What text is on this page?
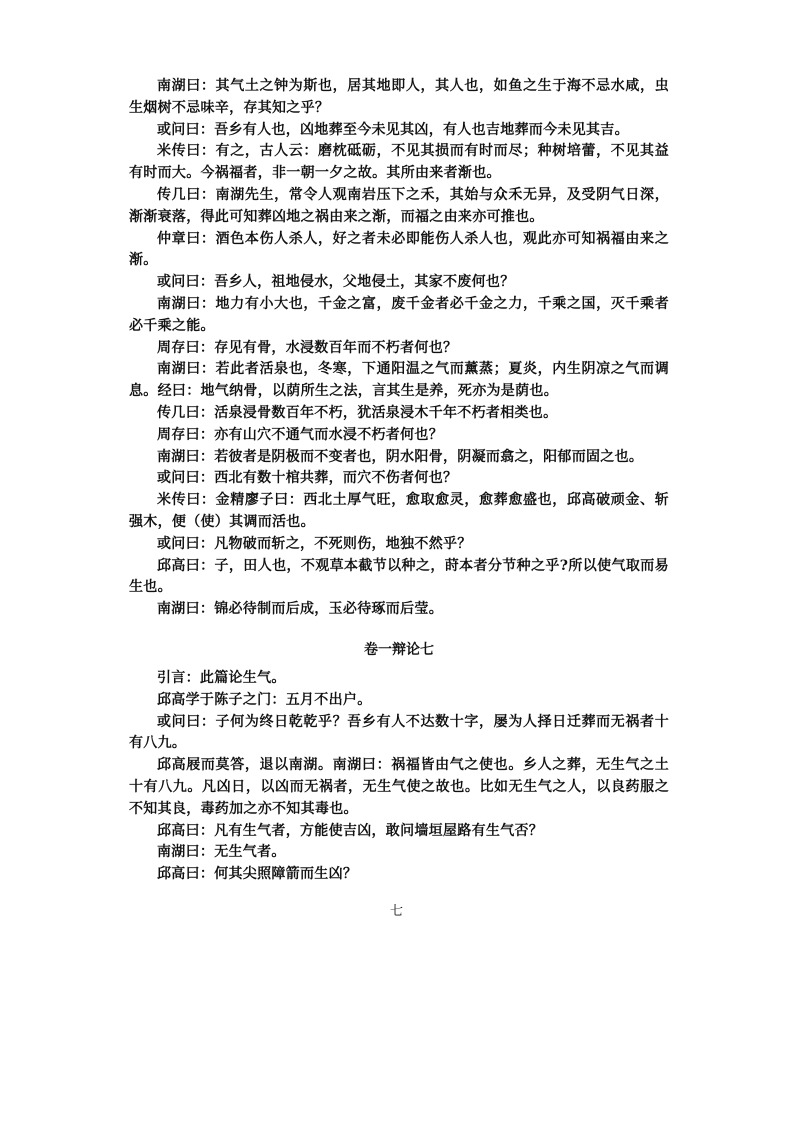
南湖曰：其气土之钟为斯也，居其地即人，其人也，如鱼之生于海不忌水咸，虫生烟树不忌味辛，存其知之乎？

或问曰：吾乡有人也，凶地葬至今未见其凶，有人也吉地葬而今未见其吉。

米传曰：有之，古人云：磨枕砥砺，不见其损而有时而尽；种树培蕾，不见其益有时而大。今祸福者，非一朝一夕之故。其所由来者渐也。

传几曰：南湖先生，常令人观南岩压下之禾，其始与众禾无异，及受阴气日深，渐渐衰落，得此可知葬凶地之祸由来之渐，而福之由来亦可推也。

仲章曰：酒色本伤人杀人，好之者未必即能伤人杀人也，观此亦可知祸福由来之渐。

或问曰：吾乡人，祖地侵水，父地侵土，其家不废何也？

南湖曰：地力有小大也，千金之富，废千金者必千金之力，千乘之国，灭千乘者必千乘之能。

周存曰：存见有骨，水浸数百年而不朽者何也？

南湖曰：若此者活泉也，冬寒，下通阳温之气而薰蒸；夏炎，内生阴凉之气而调息。经曰：地气纳骨，以荫所生之法，言其生是养，死亦为是荫也。

传几曰：活泉浸骨数百年不朽，犹活泉浸木千年不朽者相类也。

周存曰：亦有山穴不通气而水浸不朽者何也？

南湖曰：若彼者是阴极而不变者也，阴水阳骨，阴凝而翕之，阳郁而固之也。

或问曰：西北有数十棺共葬，而穴不伤者何也？

米传曰：金精廖子曰：西北土厚气旺，愈取愈灵，愈葬愈盛也，邱高破顽金、斩强木，便（使）其调而活也。

或问曰：凡物破而斩之，不死则伤，地独不然乎？

邱高曰：子，田人也，不观草本截节以种之，莳本者分节种之乎?所以使气取而易生也。

南湖曰：锦必待制而后成，玉必待琢而后莹。

卷一辩论七

引言：此篇论生气。

邱高学于陈子之门：五月不出户。

或问曰：子何为终日乾乾乎？吾乡有人不达数十字，屡为人择日迁葬而无祸者十有八九。

邱高屐而莫答，退以南湖。南湖曰：祸福皆由气之使也。乡人之葬，无生气之土十有八九。凡凶日，以凶而无祸者，无生气使之故也。比如无生气之人，以良药服之不知其良，毒药加之亦不知其毒也。

邱高曰：凡有生气者，方能使吉凶，敢问墙垣屋路有生气否？

南湖曰：无生气者。

邱高曰：何其尖照障箭而生凶？

七
